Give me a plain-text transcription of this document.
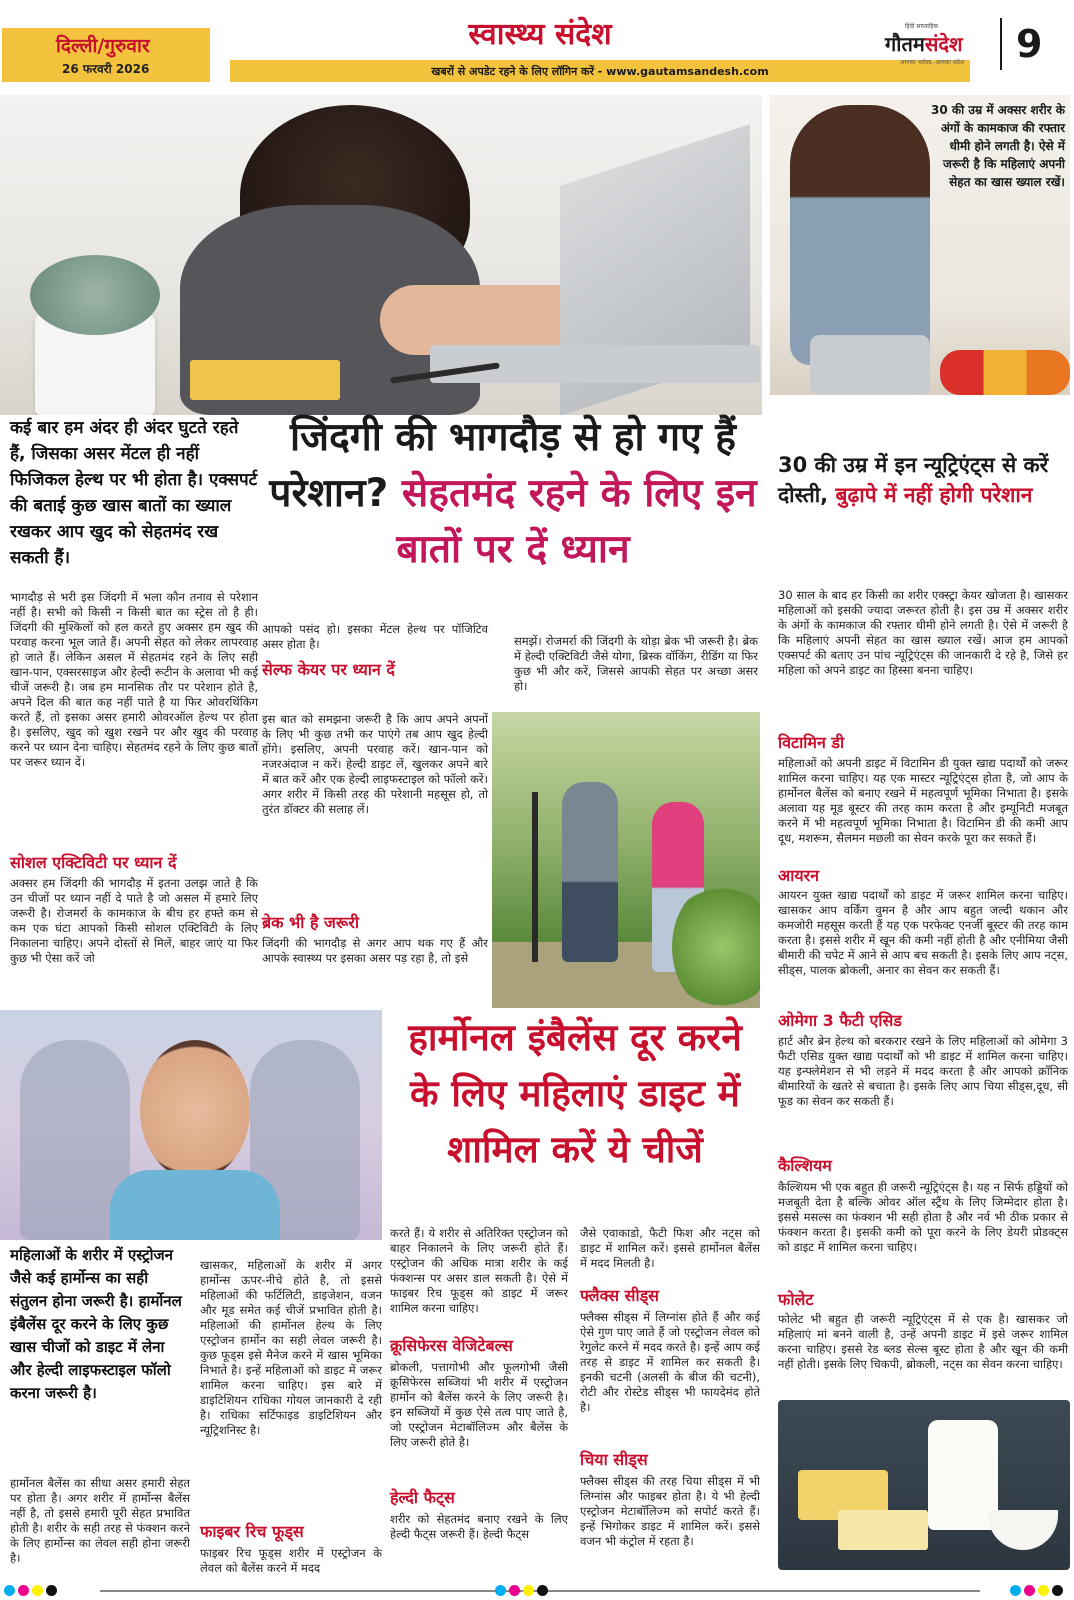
दिल्ली/गुरुवार
26 फरवरी 2026
स्वास्थ्य संदेश
खबरों से अपडेट रहने के लिए लॉगिन करें - www.gautamsandesh.com
हिंदी साप्ताहिक
गौतमसंदेश
आपका भरोसा, आपका संदेश 9
कई बार हम अंदर ही अंदर घुटते रहते हैं, जिसका असर मेंटल ही नहीं फिजिकल हेल्थ पर भी होता है। एक्सपर्ट की बताई कुछ खास बातों का ख्याल रखकर आप खुद को सेहतमंद रख सकती हैं।
जिंदगी की भागदौड़ से हो गए हैं परेशान? सेहतमंद रहने के लिए इन बातों पर दें ध्यान
भागदौड़ से भरी इस जिंदगी में भला कौन तनाव से परेशान नहीं है। सभी को किसी न किसी बात का स्ट्रेस तो है ही। जिंदगी की मुश्किलों को हल करते हुए अक्सर हम खुद की परवाह करना भूल जाते हैं। अपनी सेहत को लेकर लापरवाह हो जाते हैं। लेकिन असल में सेहतमंद रहने के लिए सही खान-पान, एक्सरसाइज और हेल्दी रूटीन के अलावा भी कई चीजें जरूरी है। जब हम मानसिक तौर पर परेशान होते है, अपने दिल की बात कह नहीं पाते है या फिर ओवरथिंकिग करते हैं, तो इसका असर हमारी ओवरऑल हेल्थ पर होता है। इसलिए, खुद को खुश रखने पर और खुद की परवाह करने पर ध्यान देना चाहिए। सेहतमंद रहने के लिए कुछ बातों पर जरूर ध्यान दें।
सोशल एक्टिविटी पर ध्यान दें
अक्सर हम जिंदगी की भागदौड़ में इतना उलझ जाते है कि उन चीजों पर ध्यान नहीं दे पाते है जो असल में हमारे लिए जरूरी है। रोजमर्रा के कामकाज के बीच हर हफ्ते कम से कम एक घंटा आपको किसी सोशल एक्टिविटी के लिए निकालना चाहिए। अपने दोस्तों से मिलें, बाहर जाएं या फिर कुछ भी ऐसा करें जो
आपको पसंद हो। इसका मेंटल हेल्थ पर पॉजिटिव असर होता है।
सेल्फ केयर पर ध्यान दें
इस बात को समझना जरूरी है कि आप अपने अपनों के लिए भी कुछ तभी कर पाएंगे तब आप खुद हेल्दी होंगे। इसलिए, अपनी परवाह करें। खान-पान को नजरअंदाज न करें। हेल्दी डाइट लें, खुलकर अपने बारे में बात करें और एक हेल्दी लाइफस्टाइल को फॉलो करें। अगर शरीर में किसी तरह की परेशानी महसूस हो, तो तुरंत डॉक्टर की सलाह लें।
ब्रेक भी है जरूरी
जिंदगी की भागदौड़ से अगर आप थक गए हैं और आपके स्वास्थ्य पर इसका असर पड़ रहा है, तो इसे
समझें। रोजमर्रा की जिंदगी के थोड़ा ब्रेक भी जरूरी है। ब्रेक में हेल्दी एक्टिविटी जैसे योगा, ब्रिस्क वॉकिंग, रीडिंग या फिर कुछ भी और करें, जिससे आपकी सेहत पर अच्छा असर हो।
30 की उम्र में अक्सर शरीर के अंगों के कामकाज की रफ्तार धीमी होने लगती है। ऐसे में जरूरी है कि महिलाएं अपनी सेहत का खास ख्याल रखें।
30 की उम्र में इन न्यूट्रिएंट्स से करें दोस्ती, बुढ़ापे में नहीं होगी परेशान
30 साल के बाद हर किसी का शरीर एक्स्ट्रा केयर खोजता है। खासकर महिलाओं को इसकी ज्यादा जरूरत होती है। इस उम्र में अक्सर शरीर के अंगों के कामकाज की रफ्तार धीमी होने लगती है। ऐसे में जरूरी है कि महिलाएं अपनी सेहत का खास ख्याल रखें। आज हम आपको एक्सपर्ट की बताए उन पांच न्यूट्रिएंट्स की जानकारी दे रहे है, जिसे हर महिला को अपने डाइट का हिस्सा बनना चाहिए।
विटामिन डी
महिलाओं को अपनी डाइट में विटामिन डी युक्त खाद्य पदार्थों को जरूर शामिल करना चाहिए। यह एक मास्टर न्यूट्रिएंट्स होता है, जो आप के हार्मोनल बैलेंस को बनाए रखने में महत्वपूर्ण भूमिका निभाता है। इसके अलावा यह मूड बूस्टर की तरह काम करता है और इम्यूनिटी मजबूत करने में भी महत्वपूर्ण भूमिका निभाता है। विटामिन डी की कमी आप दूध, मशरूम, सैलमन मछली का सेवन करके पूरा कर सकते हैं।
आयरन
आयरन युक्त खाद्य पदार्थों को डाइट में जरूर शामिल करना चाहिए। खासकर आप वर्किंग वुमन है और आप बहुत जल्दी थकान और कमजोरी महसूस करती हैं यह एक परफेक्ट एनर्जी बूस्टर की तरह काम करता है। इससे शरीर में खून की कमी नहीं होती है और एनीमिया जैसी बीमारी की चपेट में आने से आप बच सकती है। इसके लिए आप नट्स, सीड्स, पालक ब्रोकली, अनार का सेवन कर सकती हैं।
ओमेगा 3 फैटी एसिड
हार्ट और ब्रेन हेल्थ को बरकरार रखने के लिए महिलाओं को ओमेगा 3 फैटी एसिड युक्त खाद्य पदार्थों को भी डाइट में शामिल करना चाहिए। यह इन्फ्लेमेशन से भी लड़ने में मदद करता है और आपको क्रॉनिक बीमारियों के खतरे से बचाता है। इसके लिए आप चिया सीड्स,दूध, सी फूड का सेवन कर सकती हैं।
कैल्शियम
कैल्शियम भी एक बहुत ही जरूरी न्यूट्रिएंट्स है। यह न सिर्फ हड्डियों को मजबूती देता है बल्कि ओवर ऑल स्ट्रैंथ के लिए जिम्मेदार होता है। इससे मसल्स का फंक्शन भी सही होता है और नर्व भी ठीक प्रकार से फंक्शन करता है। इसकी कमी को पूरा करने के लिए डेयरी प्रोडक्ट्स को डाइट में शामिल करना चाहिए।
फोलेट
फोलेट भी बहुत ही जरूरी न्यूट्रिएंट्स में से एक है। खासकर जो महिलाएं मां बनने वाली है, उन्हें अपनी डाइट में इसे जरूर शामिल करना चाहिए। इससे रेड ब्लड सेल्स बूस्ट होता है और खून की कमी नहीं होती। इसके लिए चिकपी, ब्रोकली, नट्स का सेवन करना चाहिए।
हार्मोनल इंबैलेंस दूर करने के लिए महिलाएं डाइट में शामिल करें ये चीजें
महिलाओं के शरीर में एस्ट्रोजन जैसे कई हार्मोन्स का सही संतुलन होना जरूरी है। हार्मोनल इंबैलेंस दूर करने के लिए कुछ खास चीजों को डाइट में लेना और हेल्दी लाइफस्टाइल फॉलो करना जरूरी है।
हार्मोनल बैलेंस का सीधा असर हमारी सेहत पर होता है। अगर शरीर में हार्मोन्स बैलेंस नहीं है, तो इससे हमारी पूरी सेहत प्रभावित होती है। शरीर के सही तरह से फंक्शन करने के लिए हार्मोन्स का लेवल सही होना जरूरी है।
खासकर, महिलाओं के शरीर में अगर हार्मोन्स ऊपर-नीचे होते है, तो इससे महिलाओं की फर्टिलिटी, डाइजेशन, वजन और मूड समेत कई चीजें प्रभावित होती है। महिलाओं की हार्मोनल हेल्थ के लिए एस्ट्रोजन हार्मोन का सही लेवल जरूरी है। कुछ फूड्स इसे मैनेज करने में खास भूमिका निभाते है। इन्हें महिलाओं को डाइट में जरूर शामिल करना चाहिए। इस बारे में डाइटिशियन राधिका गोयल जानकारी दे रही है। राधिका सर्टिफाइड डाइटिशियन और न्यूट्रिशनिस्ट है।
फाइबर रिच फूड्स
फाइबर रिच फूड्स शरीर में एस्ट्रोजन के लेवल को बैलेंस करने में मदद
करते हैं। ये शरीर से अतिरिक्त एस्ट्रोजन को बाहर निकालने के लिए जरूरी होते हैं। एस्ट्रोजन की अधिक मात्रा शरीर के कई फंक्शन्स पर असर डाल सकती है। ऐसे में फाइबर रिच फूड्स को डाइट में जरूर शामिल करना चाहिए।
क्रूसिफेरस वेजिटेबल्स
ब्रोकली, पत्तागोभी और फूलगोभी जैसी क्रूसिफेरस सब्जियां भी शरीर में एस्ट्रोजन हार्मोन को बैलेंस करने के लिए जरूरी है। इन सब्जियों में कुछ ऐसे तत्व पाए जाते है, जो एस्ट्रोजन मेटाबॉलिज्म और बैलेंस के लिए जरूरी होते है।
हेल्दी फैट्स
शरीर को सेहतमंद बनाए रखने के लिए हेल्दी फैट्स जरूरी हैं। हेल्दी फैट्स
जैसे एवाकाडो, फैटी फिश और नट्स को डाइट में शामिल करें। इससे हार्मोनल बैलेंस में मदद मिलती है।
फ्लैक्स सीड्स
फ्लैक्स सीड्स में लिग्नांस होते हैं और कई ऐसे गुण पाए जाते हैं जो एस्ट्रोजन लेवल को रेगुलेट करने में मदद करते है। इन्हें आप कई तरह से डाइट में शामिल कर सकती है। इनकी चटनी (अलसी के बीज की चटनी), रोटी और रोस्टेड सीड्स भी फायदेमंद होते है।
चिया सीड्स
फ्लैक्स सीड्स की तरह चिया सीड्स में भी लिग्नांस और फाइबर होता है। ये भी हेल्दी एस्ट्रोजन मेटाबॉलिज्म को सपोर्ट करते हैं। इन्हें भिगोकर डाइट में शामिल करें। इससे वजन भी कंट्रोल में रहता है।
